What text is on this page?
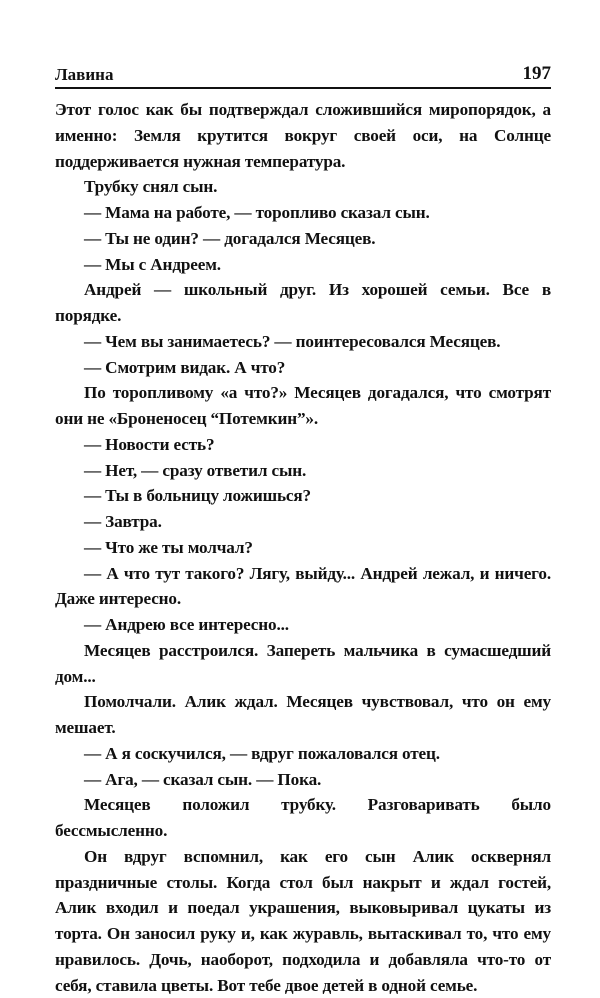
Лавина	197

Этот голос как бы подтверждал сложившийся миропорядок, а именно: Земля крутится вокруг своей оси, на Солнце поддерживается нужная температура.

Трубку снял сын.

— Мама на работе, — торопливо сказал сын.

— Ты не один? — догадался Месяцев.

— Мы с Андреем.

Андрей — школьный друг. Из хорошей семьи. Все в порядке.

— Чем вы занимаетесь? — поинтересовался Месяцев.

— Смотрим видак. А что?

По торопливому «а что?» Месяцев догадался, что смотрят они не «Броненосец “Потемкин”».

— Новости есть?

— Нет, — сразу ответил сын.

— Ты в больницу ложишься?

— Завтра.

— Что же ты молчал?

— А что тут такого? Лягу, выйду... Андрей лежал, и ничего. Даже интересно.

— Андрею все интересно...

Месяцев расстроился. Запереть мальчика в сумасшедший дом...

Помолчали. Алик ждал. Месяцев чувствовал, что он ему мешает.

— А я соскучился, — вдруг пожаловался отец.

— Ага, — сказал сын. — Пока.

Месяцев положил трубку. Разговаривать было бессмысленно.

Он вдруг вспомнил, как его сын Алик осквернял праздничные столы. Когда стол был накрыт и ждал гостей, Алик входил и поедал украшения, выковыривал цукаты из торта. Он заносил руку и, как журавль, вытаскивал то, что ему нравилось. Дочь, наоборот, подходила и добавляла что-то от себя, ставила цветы. Вот тебе двое детей в одной семье.
